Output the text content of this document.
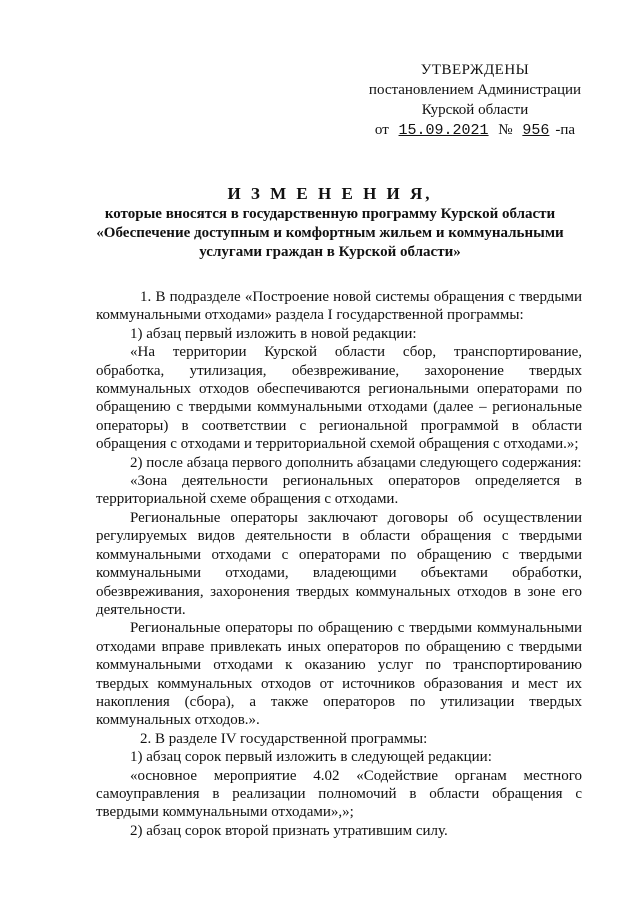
УТВЕРЖДЕНЫ
постановлением Администрации
Курской области
от 15.09.2021 № 956 -па
И З М Е Н Е Н И Я,
которые вносятся в государственную программу Курской области
«Обеспечение доступным и комфортным жильем и коммунальными
услугами граждан в Курской области»

1. В подразделе «Построение новой системы обращения с твердыми коммунальными отходами» раздела I государственной программы:

1) абзац первый изложить в новой редакции:

«На территории Курской области сбор, транспортирование, обработка, утилизация, обезвреживание, захоронение твердых коммунальных отходов обеспечиваются региональными операторами по обращению с твердыми коммунальными отходами (далее – региональные операторы) в соответствии с региональной программой в области обращения с отходами и территориальной схемой обращения с отходами.»;

2) после абзаца первого дополнить абзацами следующего содержания:

«Зона деятельности региональных операторов определяется в территориальной схеме обращения с отходами.

Региональные операторы заключают договоры об осуществлении регулируемых видов деятельности в области обращения с твердыми коммунальными отходами с операторами по обращению с твердыми коммунальными отходами, владеющими объектами обработки, обезвреживания, захоронения твердых коммунальных отходов в зоне его деятельности.

Региональные операторы по обращению с твердыми коммунальными отходами вправе привлекать иных операторов по обращению с твердыми коммунальными отходами к оказанию услуг по транспортированию твердых коммунальных отходов от источников образования и мест их накопления (сбора), а также операторов по утилизации твердых коммунальных отходов.».

2. В разделе IV государственной программы:

1) абзац сорок первый изложить в следующей редакции:

«основное мероприятие 4.02 «Содействие органам местного самоуправления в реализации полномочий в области обращения с твердыми коммунальными отходами»,»;

2) абзац сорок второй признать утратившим силу.
